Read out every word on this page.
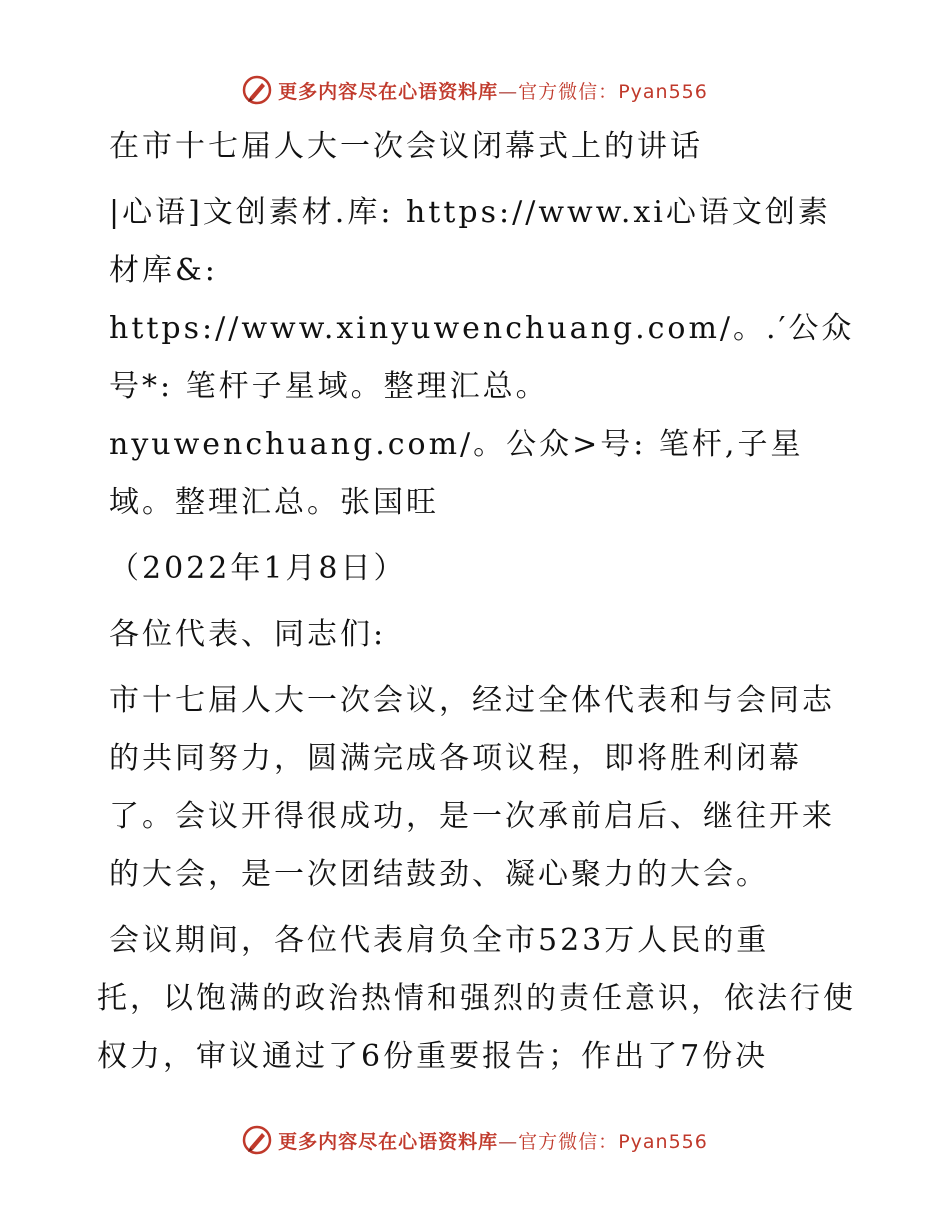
更多内容尽在心语资料库—官方微信：Pyan556

在市十七届人大一次会议闭幕式上的讲话

|心语]文创素材.库: https://www.xi心语文创素材库&: https://www.xinyuwenchuang.com/。.′公众号*: 笔杆子星域。整理汇总。nyuwenchuang.com/。公众>号: 笔杆,子星域。整理汇总。张国旺

（2022年1月8日）

各位代表、同志们:

市十七届人大一次会议，经过全体代表和与会同志的共同努力，圆满完成各项议程，即将胜利闭幕了。会议开得很成功，是一次承前启后、继往开来的大会，是一次团结鼓劲、凝心聚力的大会。

会议期间，各位代表肩负全市523万人民的重

托，以饱满的政治热情和强烈的责任意识，依法行使权力，审议通过了6份重要报告；作出了7份决

更多内容尽在心语资料库—官方微信：Pyan556
